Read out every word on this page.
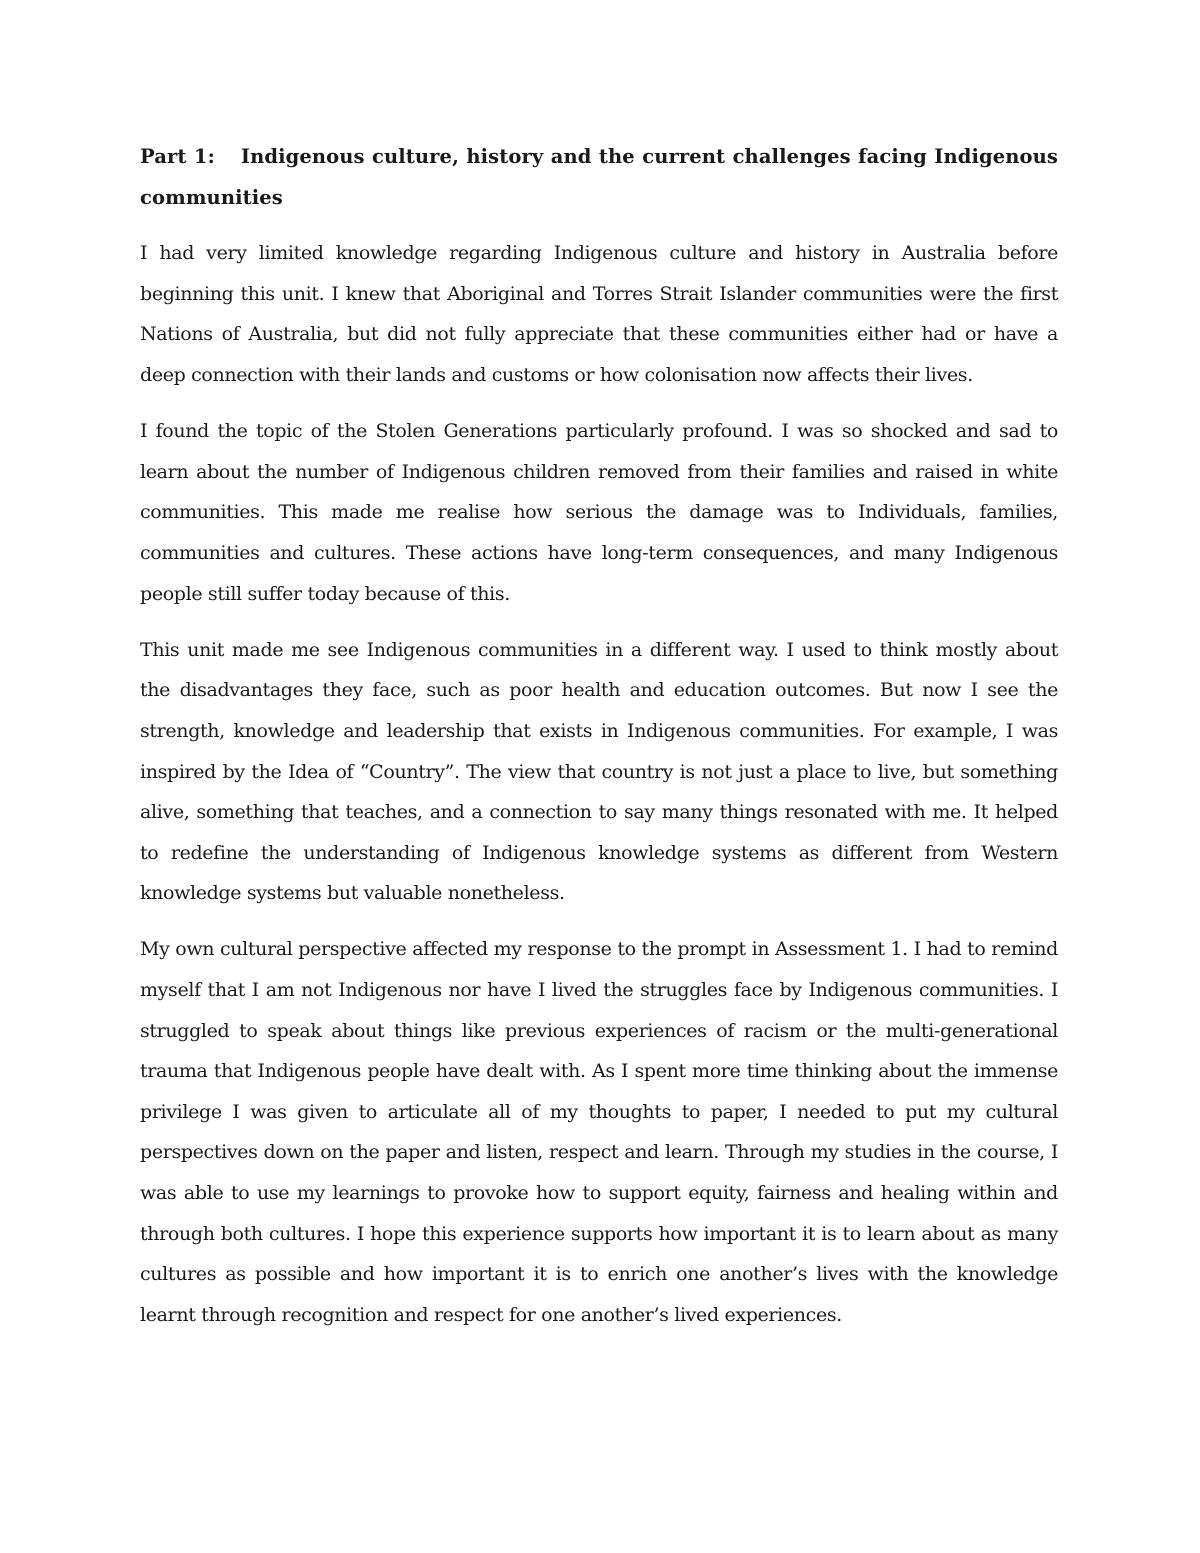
Part 1: Indigenous culture, history and the current challenges facing Indigenous communities

I had very limited knowledge regarding Indigenous culture and history in Australia before beginning this unit. I knew that Aboriginal and Torres Strait Islander communities were the first Nations of Australia, but did not fully appreciate that these communities either had or have a deep connection with their lands and customs or how colonisation now affects their lives.

I found the topic of the Stolen Generations particularly profound. I was so shocked and sad to learn about the number of Indigenous children removed from their families and raised in white communities. This made me realise how serious the damage was to Individuals, families, communities and cultures. These actions have long-term consequences, and many Indigenous people still suffer today because of this.

This unit made me see Indigenous communities in a different way. I used to think mostly about the disadvantages they face, such as poor health and education outcomes. But now I see the strength, knowledge and leadership that exists in Indigenous communities. For example, I was inspired by the Idea of “Country”. The view that country is not just a place to live, but something alive, something that teaches, and a connection to say many things resonated with me. It helped to redefine the understanding of Indigenous knowledge systems as different from Western knowledge systems but valuable nonetheless.

My own cultural perspective affected my response to the prompt in Assessment 1. I had to remind myself that I am not Indigenous nor have I lived the struggles face by Indigenous communities. I struggled to speak about things like previous experiences of racism or the multi-generational trauma that Indigenous people have dealt with. As I spent more time thinking about the immense privilege I was given to articulate all of my thoughts to paper, I needed to put my cultural perspectives down on the paper and listen, respect and learn. Through my studies in the course, I was able to use my learnings to provoke how to support equity, fairness and healing within and through both cultures. I hope this experience supports how important it is to learn about as many cultures as possible and how important it is to enrich one another’s lives with the knowledge learnt through recognition and respect for one another’s lived experiences.
